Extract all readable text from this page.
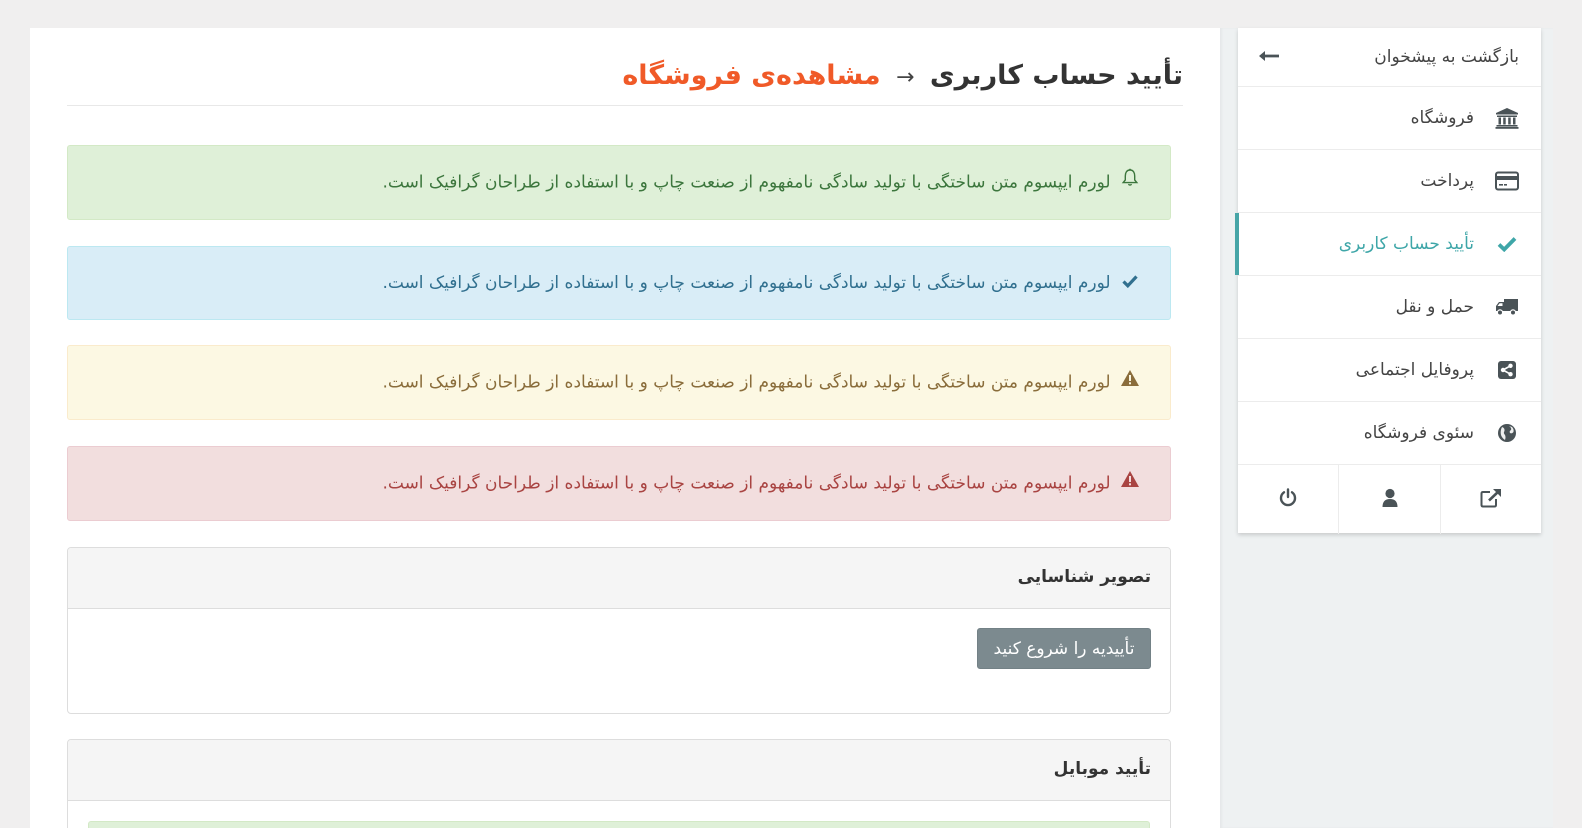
تأیید حساب کاربری → مشاهده‌ی فروشگاه
لورم ایپسوم متن ساختگی با تولید سادگی نامفهوم از صنعت چاپ و با استفاده از طراحان گرافیک است.
لورم ایپسوم متن ساختگی با تولید سادگی نامفهوم از صنعت چاپ و با استفاده از طراحان گرافیک است.
لورم ایپسوم متن ساختگی با تولید سادگی نامفهوم از صنعت چاپ و با استفاده از طراحان گرافیک است.
لورم ایپسوم متن ساختگی با تولید سادگی نامفهوم از صنعت چاپ و با استفاده از طراحان گرافیک است.
تصویر شناسایی
تأییدیه را شروع کنید
تأیید موبایل
بازگشت به پیشخوان
فروشگاه
پرداخت
تأیید حساب کاربری
حمل و نقل
پروفایل اجتماعی
سئوی فروشگاه
